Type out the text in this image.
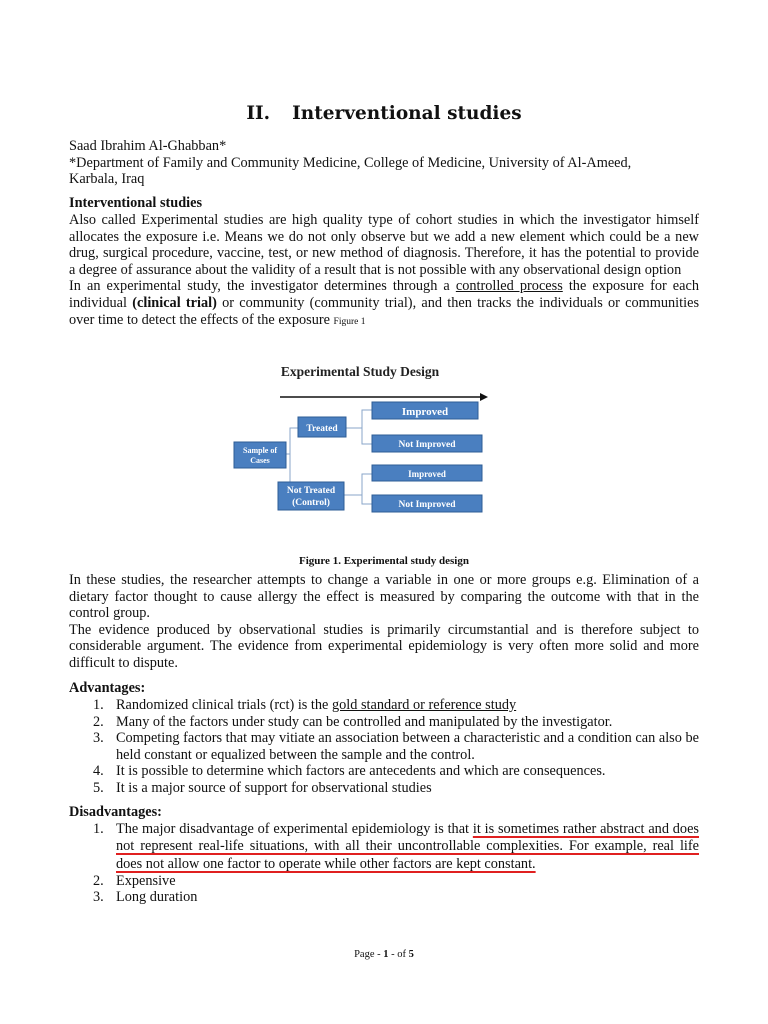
II. Interventional studies
Saad Ibrahim Al-Ghabban*
*Department of Family and Community Medicine, College of Medicine, University of Al-Ameed,
Karbala, Iraq
Interventional studies
Also called Experimental studies are high quality type of cohort studies in which the investigator himself allocates the exposure i.e. Means we do not only observe but we add a new element which could be a new drug, surgical procedure, vaccine, test, or new method of diagnosis. Therefore, it has the potential to provide a degree of assurance about the validity of a result that is not possible with any observational design option
In an experimental study, the investigator determines through a controlled process the exposure for each individual (clinical trial) or community (community trial), and then tracks the individuals or communities over time to detect the effects of the exposure Figure 1
Experimental Study Design
Sample of Cases
Treated
Not Treated (Control)
Improved
Not Improved
Improved
Not Improved
Figure 1. Experimental study design
In these studies, the researcher attempts to change a variable in one or more groups e.g. Elimination of a dietary factor thought to cause allergy the effect is measured by comparing the outcome with that in the control group.
The evidence produced by observational studies is primarily circumstantial and is therefore subject to considerable argument. The evidence from experimental epidemiology is very often more solid and more difficult to dispute.
Advantages:
1. Randomized clinical trials (rct) is the gold standard or reference study
2. Many of the factors under study can be controlled and manipulated by the investigator.
3. Competing factors that may vitiate an association between a characteristic and a condition can also be held constant or equalized between the sample and the control.
4. It is possible to determine which factors are antecedents and which are consequences.
5. It is a major source of support for observational studies
Disadvantages:
1. The major disadvantage of experimental epidemiology is that it is sometimes rather abstract and does not represent real-life situations, with all their uncontrollable complexities. For example, real life does not allow one factor to operate while other factors are kept constant.
2. Expensive
3. Long duration
Page - 1 - of 5
